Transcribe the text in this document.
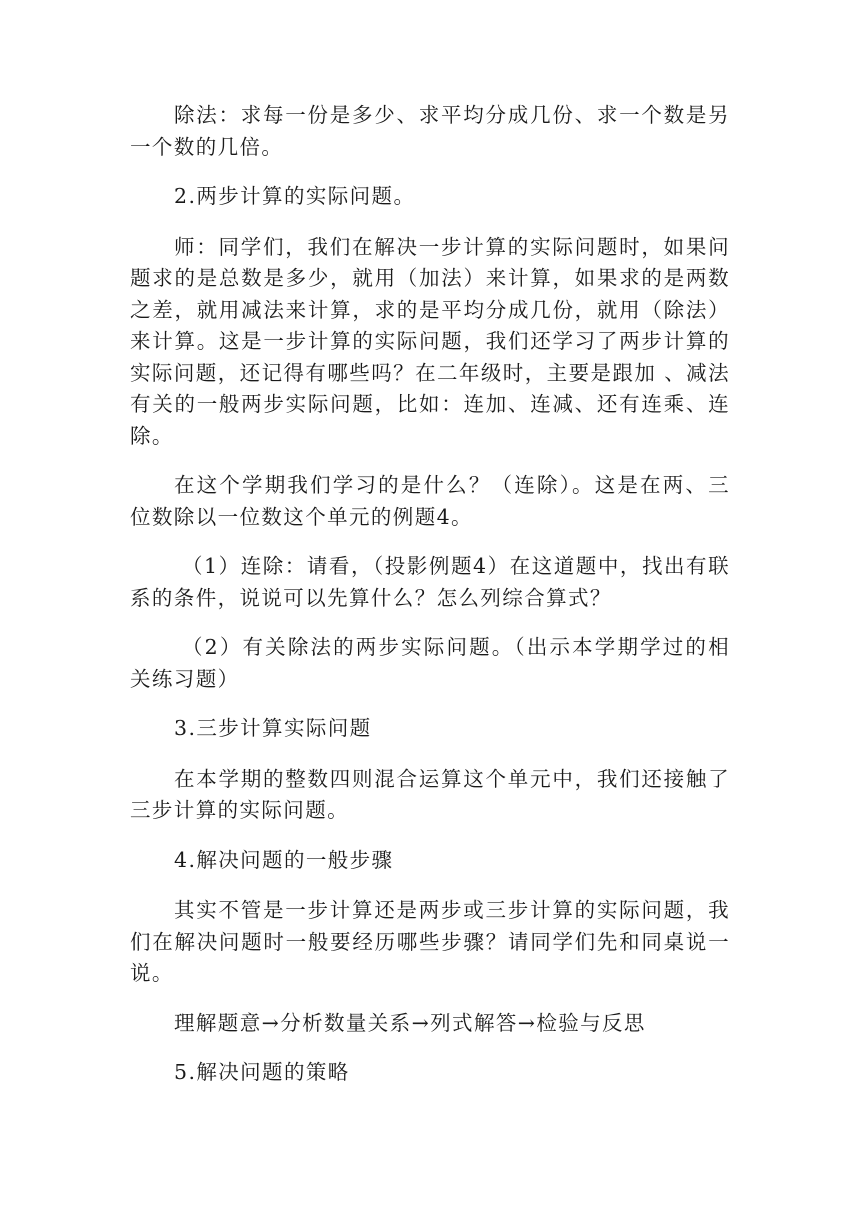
除法：求每一份是多少、求平均分成几份、求一个数是另一个数的几倍。

2.两步计算的实际问题。

师：同学们，我们在解决一步计算的实际问题时，如果问题求的是总数是多少，就用（加法）来计算，如果求的是两数之差，就用减法来计算，求的是平均分成几份，就用（除法）来计算。这是一步计算的实际问题，我们还学习了两步计算的实际问题，还记得有哪些吗？在二年级时，主要是跟加 、减法有关的一般两步实际问题，比如：连加、连减、还有连乘、连除。

在这个学期我们学习的是什么？（连除）。这是在两、三位数除以一位数这个单元的例题4。

（1）连除：请看，（投影例题4）在这道题中，找出有联系的条件，说说可以先算什么？怎么列综合算式？

（2）有关除法的两步实际问题。（出示本学期学过的相关练习题）

3.三步计算实际问题

在本学期的整数四则混合运算这个单元中，我们还接触了三步计算的实际问题。

4.解决问题的一般步骤

其实不管是一步计算还是两步或三步计算的实际问题，我们在解决问题时一般要经历哪些步骤？请同学们先和同桌说一说。

理解题意→分析数量关系→列式解答→检验与反思

5.解决问题的策略
